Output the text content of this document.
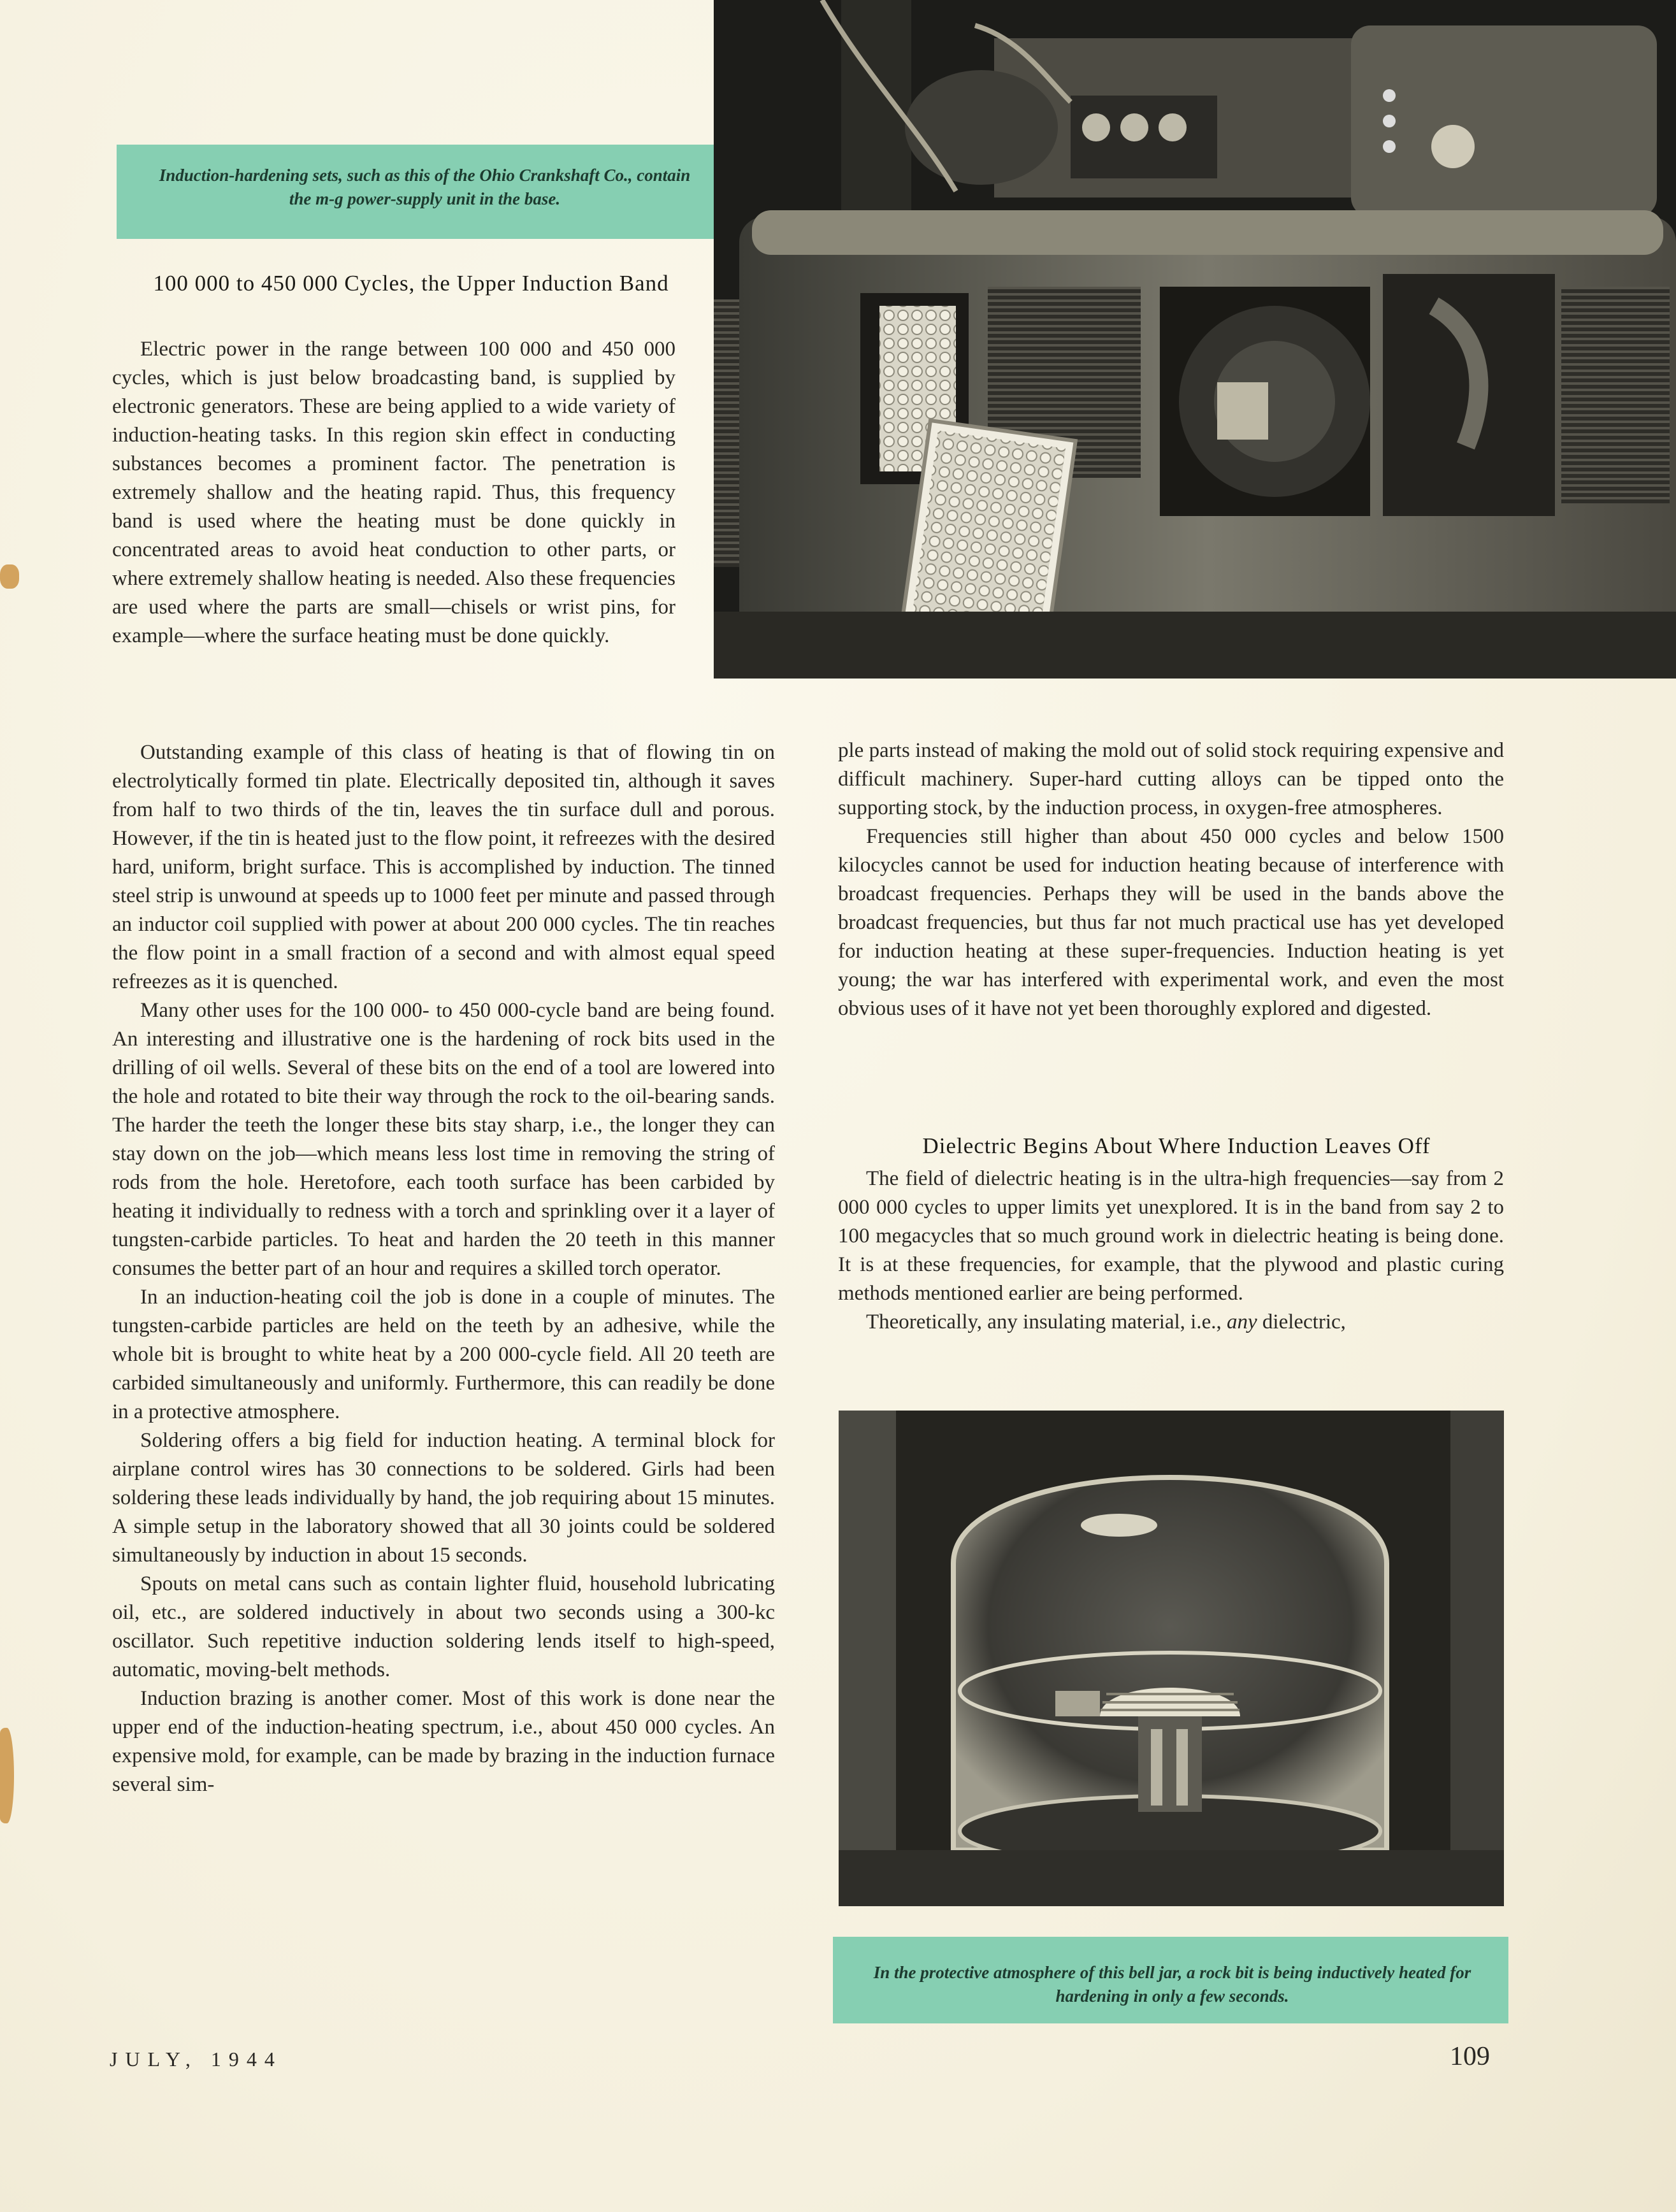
Induction-hardening sets, such as this of the Ohio Crankshaft Co., contain the m-g power-supply unit in the base.
100 000 to 450 000 Cycles, the Upper Induction Band

Electric power in the range between 100 000 and 450 000 cycles, which is just below broadcasting band, is supplied by electronic generators. These are being applied to a wide variety of induction-heating tasks. In this region skin effect in conducting substances becomes a prominent factor. The penetration is extremely shallow and the heating rapid. Thus, this frequency band is used where the heating must be done quickly in concentrated areas to avoid heat conduction to other parts, or where extremely shallow heating is needed. Also these frequencies are used where the parts are small—chisels or wrist pins, for example—where the surface heating must be done quickly.

Outstanding example of this class of heating is that of flowing tin on electrolytically formed tin plate. Electrically deposited tin, although it saves from half to two thirds of the tin, leaves the tin surface dull and porous. However, if the tin is heated just to the flow point, it refreezes with the desired hard, uniform, bright surface. This is accomplished by induction. The tinned steel strip is unwound at speeds up to 1000 feet per minute and passed through an inductor coil supplied with power at about 200 000 cycles. The tin reaches the flow point in a small fraction of a second and with almost equal speed refreezes as it is quenched.

Many other uses for the 100 000- to 450 000-cycle band are being found. An interesting and illustrative one is the hardening of rock bits used in the drilling of oil wells. Several of these bits on the end of a tool are lowered into the hole and rotated to bite their way through the rock to the oil-bearing sands. The harder the teeth the longer these bits stay sharp, i.e., the longer they can stay down on the job—which means less lost time in removing the string of rods from the hole. Heretofore, each tooth surface has been carbided by heating it individually to redness with a torch and sprinkling over it a layer of tungsten-carbide particles. To heat and harden the 20 teeth in this manner consumes the better part of an hour and requires a skilled torch operator.

In an induction-heating coil the job is done in a couple of minutes. The tungsten-carbide particles are held on the teeth by an adhesive, while the whole bit is brought to white heat by a 200 000-cycle field. All 20 teeth are carbided simultaneously and uniformly. Furthermore, this can readily be done in a protective atmosphere.

Soldering offers a big field for induction heating. A terminal block for airplane control wires has 30 connections to be soldered. Girls had been soldering these leads individually by hand, the job requiring about 15 minutes. A simple setup in the laboratory showed that all 30 joints could be soldered simultaneously by induction in about 15 seconds.

Spouts on metal cans such as contain lighter fluid, household lubricating oil, etc., are soldered inductively in about two seconds using a 300-kc oscillator. Such repetitive induction soldering lends itself to high-speed, automatic, moving-belt methods.

Induction brazing is another comer. Most of this work is done near the upper end of the induction-heating spectrum, i.e., about 450 000 cycles. An expensive mold, for example, can be made by brazing in the induction furnace several sim-

ple parts instead of making the mold out of solid stock requiring expensive and difficult machinery. Super-hard cutting alloys can be tipped onto the supporting stock, by the induction process, in oxygen-free atmospheres.

Frequencies still higher than about 450 000 cycles and below 1500 kilocycles cannot be used for induction heating because of interference with broadcast frequencies. Perhaps they will be used in the bands above the broadcast frequencies, but thus far not much practical use has yet developed for induction heating at these super-frequencies. Induction heating is yet young; the war has interfered with experimental work, and even the most obvious uses of it have not yet been thoroughly explored and digested.

Dielectric Begins About Where Induction Leaves Off

The field of dielectric heating is in the ultra-high frequencies—say from 2 000 000 cycles to upper limits yet unexplored. It is in the band from say 2 to 100 megacycles that so much ground work in dielectric heating is being done. It is at these frequencies, for example, that the plywood and plastic curing methods mentioned earlier are being performed.

Theoretically, any insulating material, i.e., any dielectric,

In the protective atmosphere of this bell jar, a rock bit is being inductively heated for hardening in only a few seconds.
JULY, 1944	109
